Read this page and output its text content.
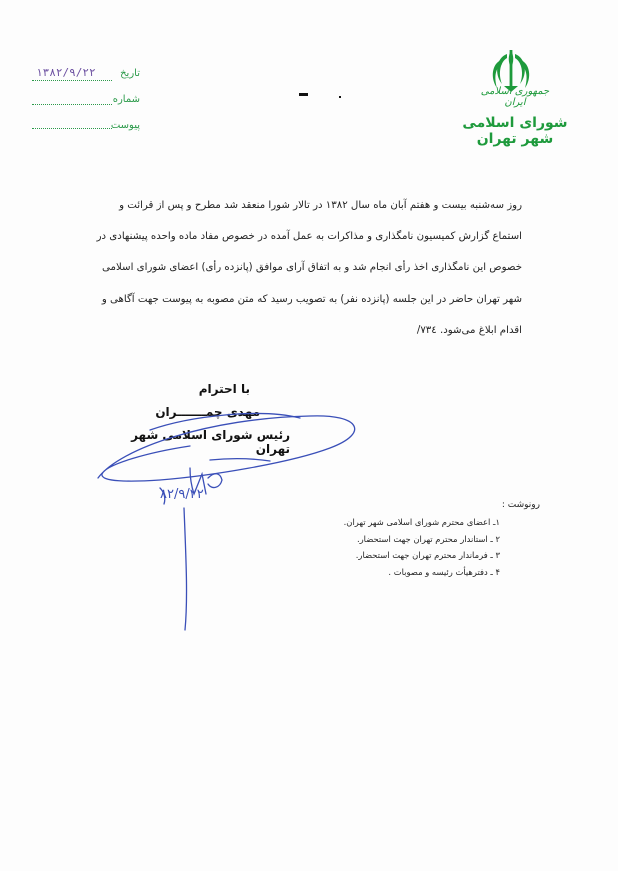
جمهوری اسلامی ایران
شورای اسلامی شهر تهران
تاریخ
۱۳۸۲/۹/۲۲
شماره
پیوست

روز سه‌شنبه بیست و هفتم آبان ماه سال ۱۳۸۲ در تالار شورا منعقد شد مطرح و پس از قرائت و

استماع گزارش کمیسیون نامگذاری و مذاکرات به عمل آمده در خصوص مفاد ماده واحده پیشنهادی در

خصوص این نامگذاری اخذ رأی انجام شد و به اتفاق آرای موافق (پانزده رأی) اعضای شورای اسلامی

شهر تهران حاضر در این جلسه (پانزده نفر) به تصویب رسید که متن مصوبه به پیوست جهت آگاهی و

اقدام ابلاغ می‌شود. ۷۳٤/

با احترام
مهدی چمـــــــران
رئیس شورای اسلامی شهر تهران
۸۲/۹/۲۲
رونوشت :
۱ـ اعضای محترم شورای اسلامی شهر تهران.
۲ ـ استاندار محترم تهران جهت استحضار.
۳ ـ فرماندار محترم تهران جهت استحضار.
۴ ـ دفترهیأت رئیسه و مصوبات .
